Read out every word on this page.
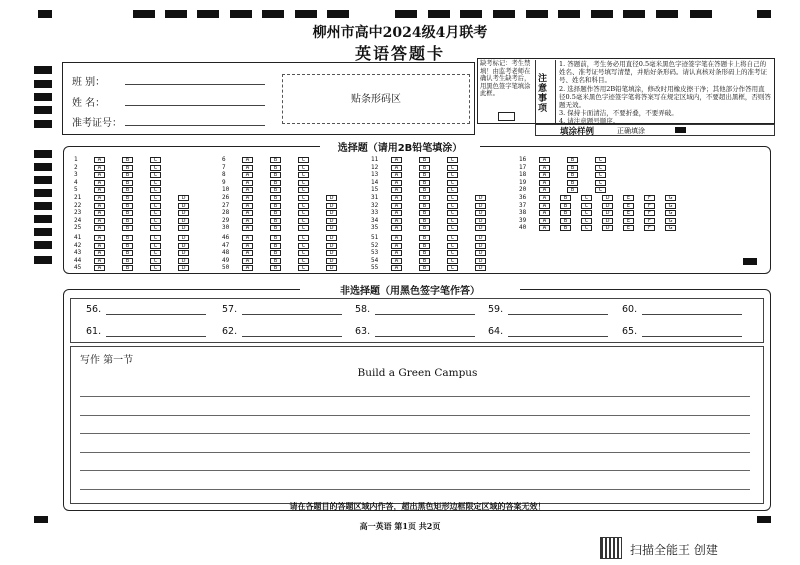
柳州市高中2024级4月联考
英语答题卡
班 别：
姓 名：
准考证号：
贴条形码区
缺考标记：考生禁填！由监考老师在确认考生缺考后，用黑色签字笔填涂此框。
注意事项
1. 答题前，考生务必用直径0.5毫米黑色字迹签字笔在答题卡上将自己的姓名、准考证号填写清楚，并贴好条形码。请认真核对条形码上的准考证号、姓名和科目。
2. 选择题作答用2B铅笔填涂，修改时用橡皮擦干净；其他部分作答用直径0.5毫米黑色字迹签字笔将答案写在规定区域内，不要超出黑框，否则答题无效。
3. 保持卡面清洁，不要折叠，不要弄破。
4. 请注意题号顺序。
填涂样例	正确填涂
选择题（请用2B铅笔填涂）
1	A	B	C
2	A	B	C
3	A	B	C
4	A	B	C
5	A	B	C
6	A	B	C
7	A	B	C
8	A	B	C
9	A	B	C
10	A	B	C
11	A	B	C
12	A	B	C
13	A	B	C
14	A	B	C
15	A	B	C
16	A	B	C
17	A	B	C
18	A	B	C
19	A	B	C
20	A	B	C
21	A	B	C	D
22	A	B	C	D
23	A	B	C	D
24	A	B	C	D
25	A	B	C	D
26	A	B	C	D
27	A	B	C	D
28	A	B	C	D
29	A	B	C	D
30	A	B	C	D
31	A	B	C	D
32	A	B	C	D
33	A	B	C	D
34	A	B	C	D
35	A	B	C	D
36	A	B	C	D	E	F	G
37	A	B	C	D	E	F	G
38	A	B	C	D	E	F	G
39	A	B	C	D	E	F	G
40	A	B	C	D	E	F	G
41	A	B	C	D
42	A	B	C	D
43	A	B	C	D
44	A	B	C	D
45	A	B	C	D
46	A	B	C	D
47	A	B	C	D
48	A	B	C	D
49	A	B	C	D
50	A	B	C	D
51	A	B	C	D
52	A	B	C	D
53	A	B	C	D
54	A	B	C	D
55	A	B	C	D
非选择题（用黑色签字笔作答）
56.	57.	58.	59.	60.
61.	62.	63.	64.	65.
写作 第一节
Build a Green Campus
请在各题目的答题区域内作答，超出黑色矩形边框限定区域的答案无效！
高一英语 第1页 共2页
扫描全能王 创建
